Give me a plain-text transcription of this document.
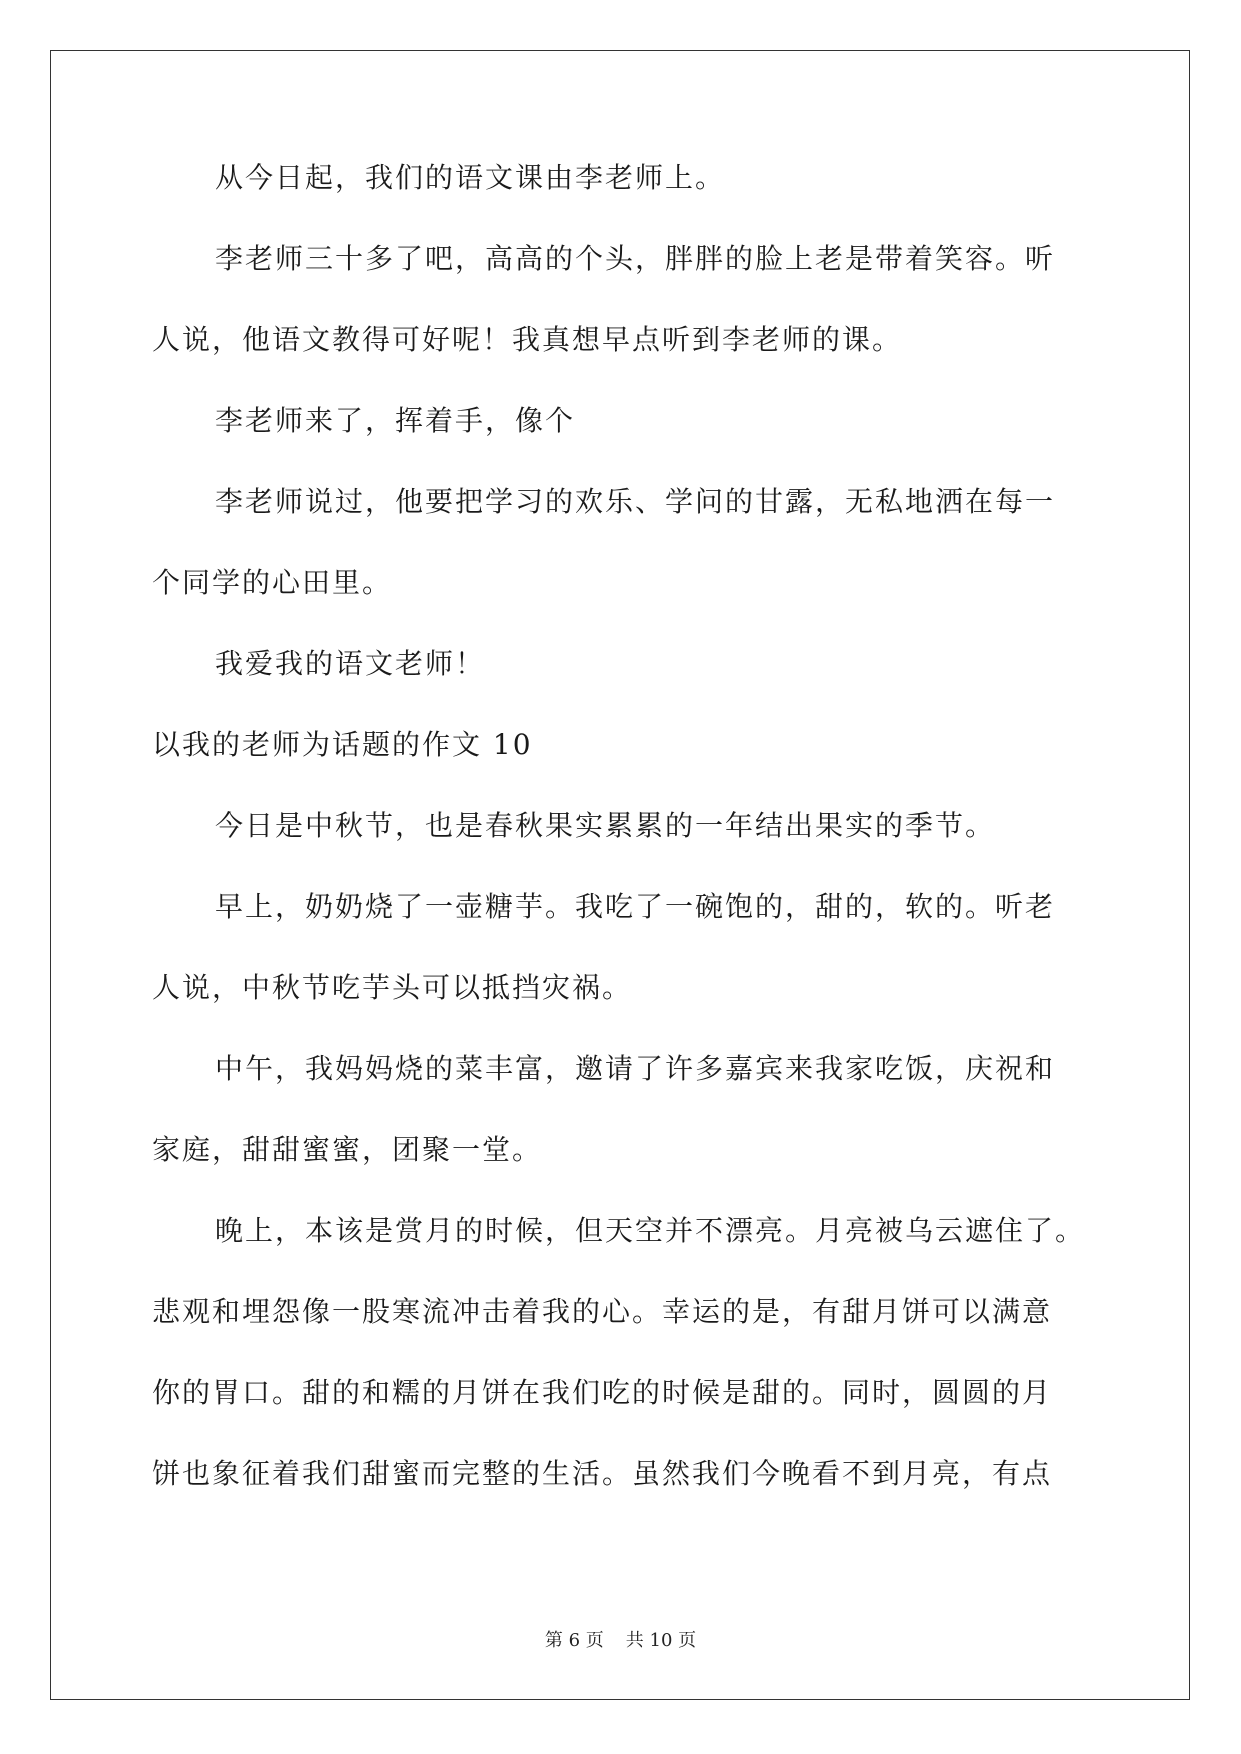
从今日起，我们的语文课由李老师上。
李老师三十多了吧，高高的个头，胖胖的脸上老是带着笑容。听
人说，他语文教得可好呢！我真想早点听到李老师的课。
李老师来了，挥着手，像个
李老师说过，他要把学习的欢乐、学问的甘露，无私地洒在每一
个同学的心田里。
我爱我的语文老师！
以我的老师为话题的作文 10
今日是中秋节，也是春秋果实累累的一年结出果实的季节。
早上，奶奶烧了一壶糖芋。我吃了一碗饱的，甜的，软的。听老
人说，中秋节吃芋头可以抵挡灾祸。
中午，我妈妈烧的菜丰富，邀请了许多嘉宾来我家吃饭，庆祝和
家庭，甜甜蜜蜜，团聚一堂。
晚上，本该是赏月的时候，但天空并不漂亮。月亮被乌云遮住了。
悲观和埋怨像一股寒流冲击着我的心。幸运的是，有甜月饼可以满意
你的胃口。甜的和糯的月饼在我们吃的时候是甜的。同时，圆圆的月
饼也象征着我们甜蜜而完整的生活。虽然我们今晚看不到月亮，有点
第 6 页 共 10 页
